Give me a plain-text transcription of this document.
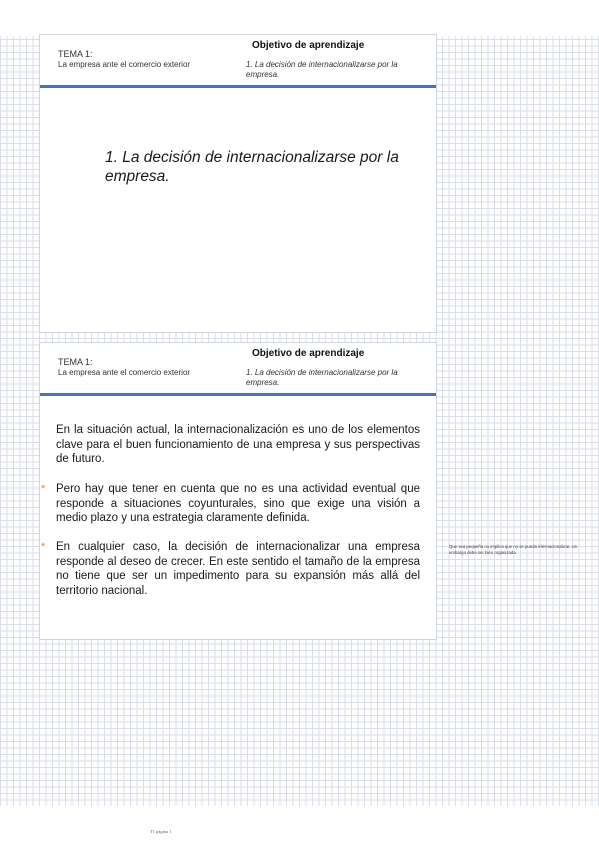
TEMA 1:
La empresa ante el comercio exterior
Objetivo de aprendizaje
1. La decisión de internacionalizarse por la empresa.
1. La decisión de internacionalizarse por la empresa.
TEMA 1:
La empresa ante el comercio exterior
Objetivo de aprendizaje
1. La decisión de internacionalizarse por la empresa.
En la situación actual, la internacionalización es uno de los elementos clave para el buen funcionamiento de una empresa y sus perspectivas de futuro.
* Pero hay que tener en cuenta que no es una actividad eventual que responde a situaciones coyunturales, sino que exige una visión a medio plazo y una estrategia claramente definida.
* En cualquier caso, la decisión de internacionalizar una empresa responde al deseo de crecer. En este sentido el tamaño de la empresa no tiene que ser un impedimento para su expansión más allá del territorio nacional.
Que sea pequeña no implica que no se pueda internacionalizar, sin embargo debe ser bien organizada
T1 página 1
